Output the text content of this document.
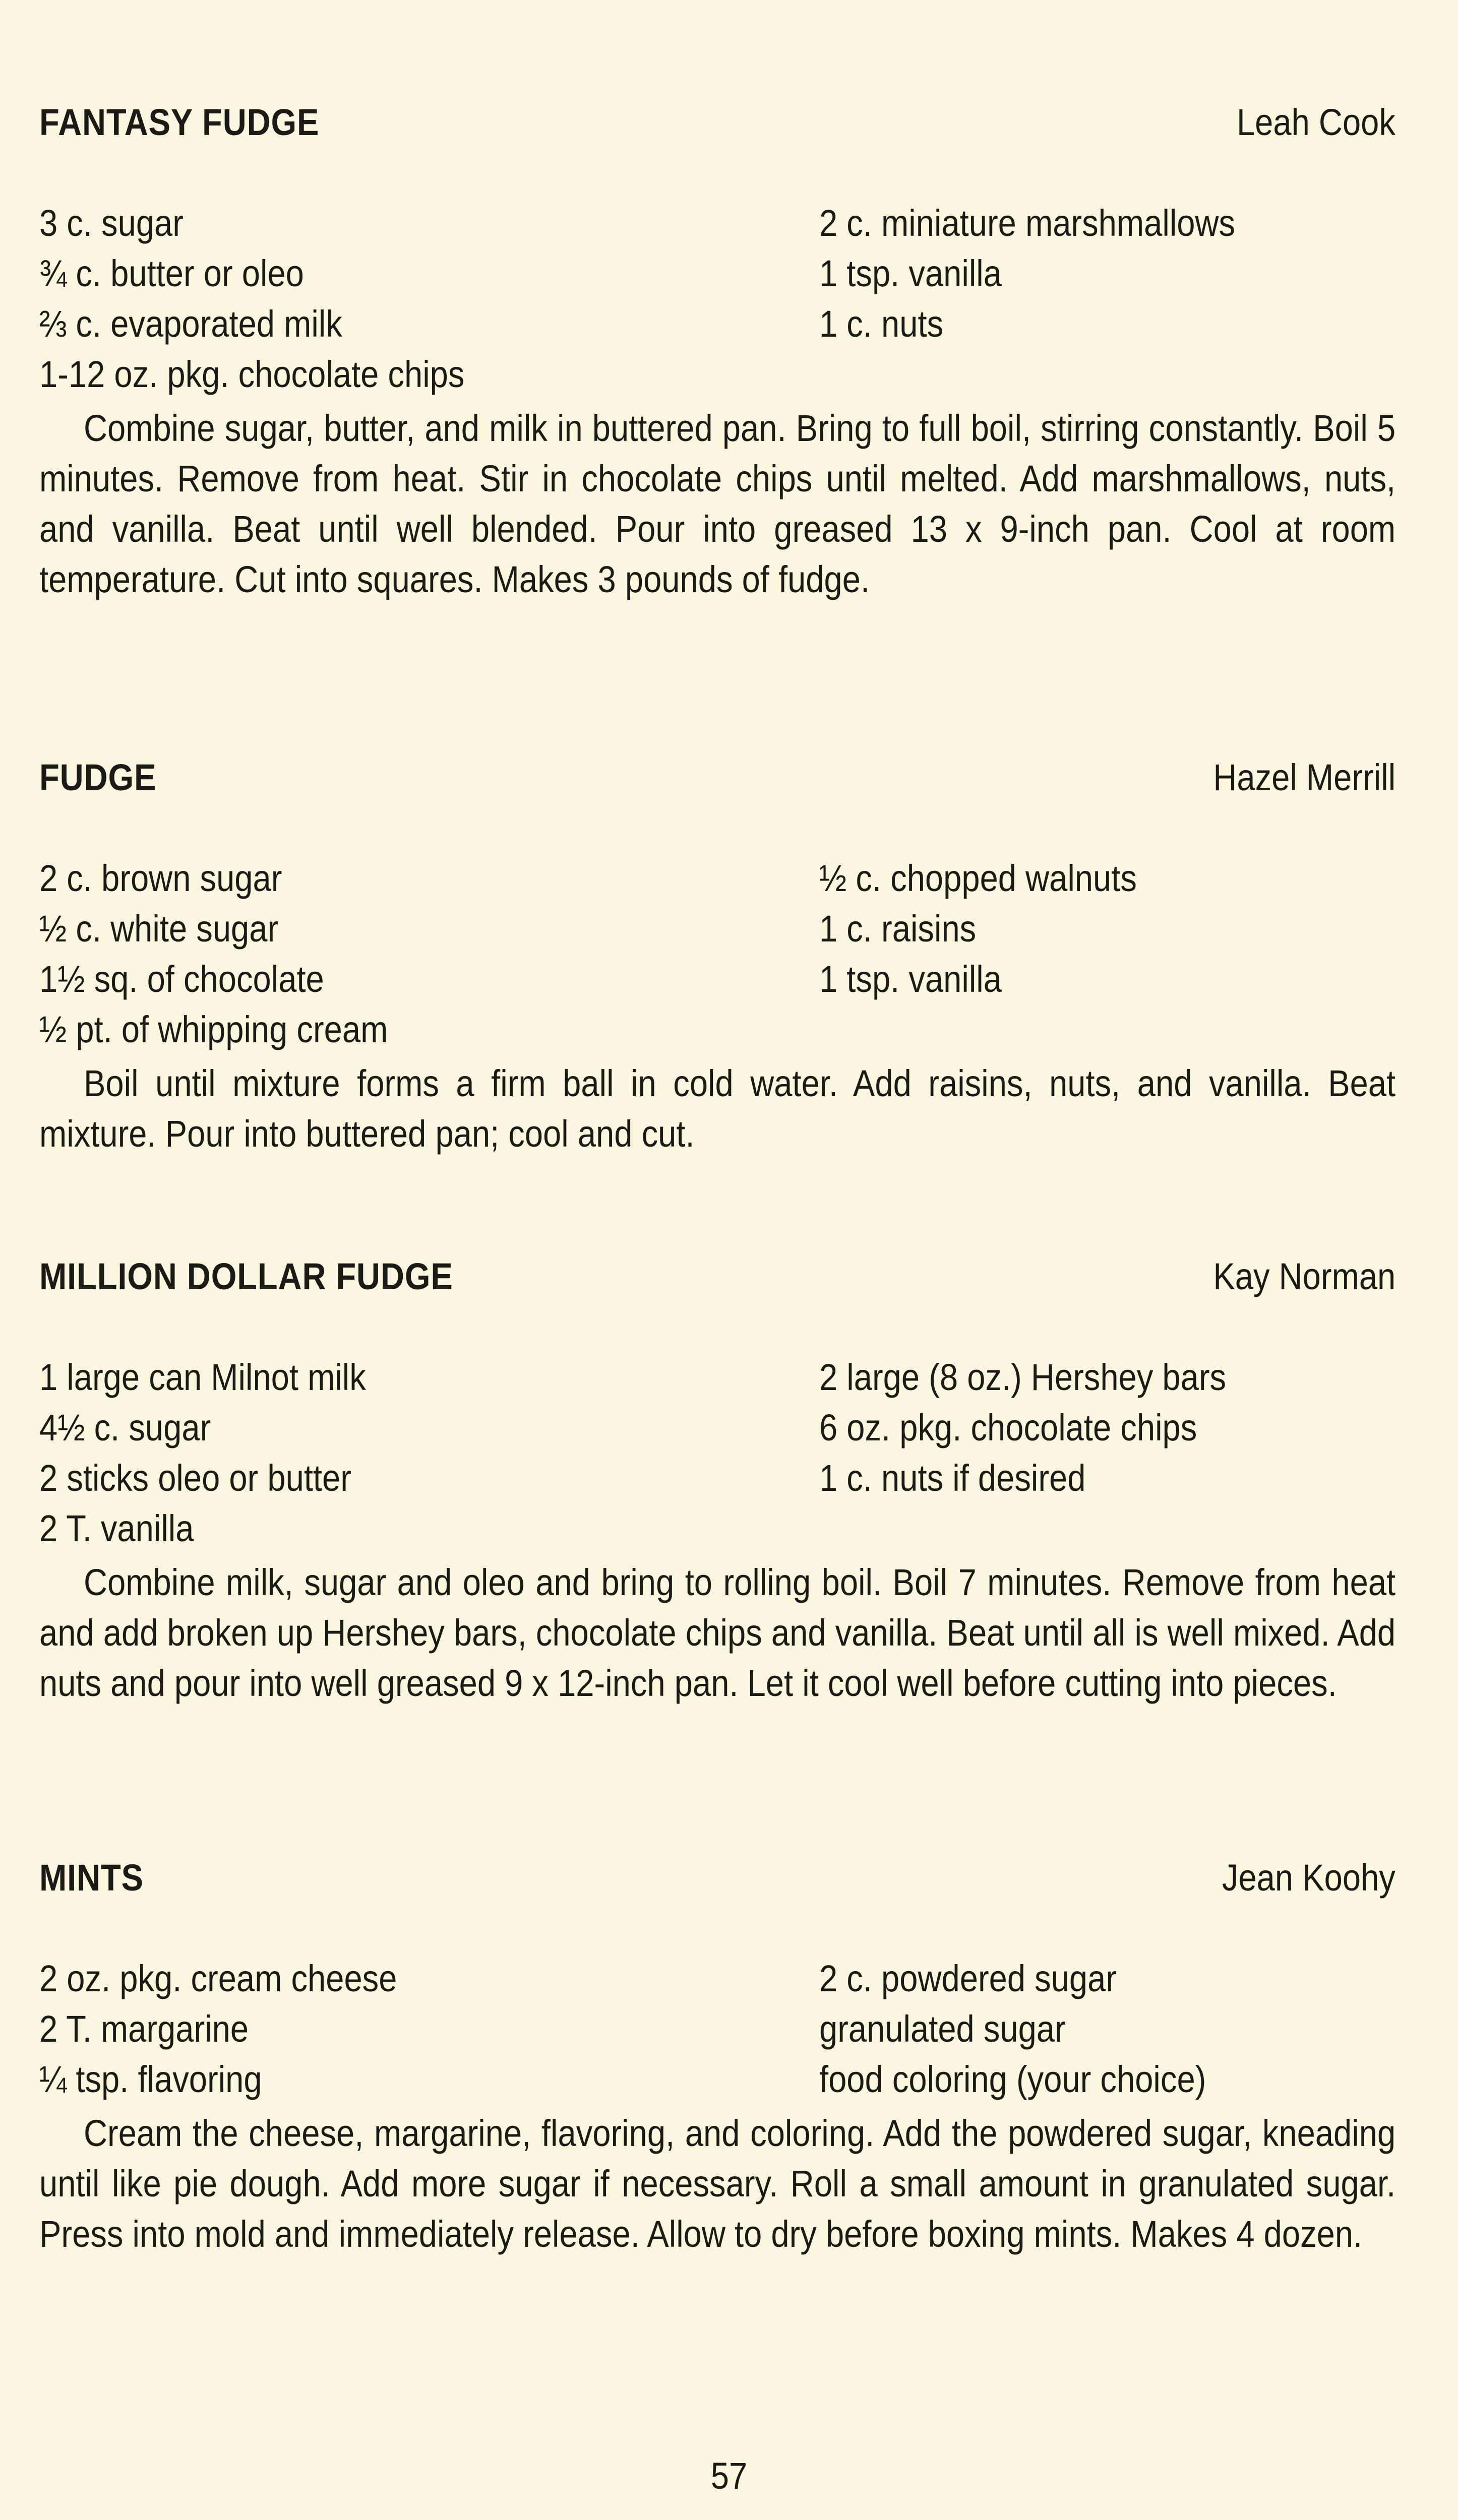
FANTASY FUDGE	Leah Cook
3 c. sugar	2 c. miniature marshmallows
¾ c. butter or oleo	1 tsp. vanilla
⅔ c. evaporated milk	1 c. nuts
1-12 oz. pkg. chocolate chips
Combine sugar, butter, and milk in buttered pan. Bring to full boil, stirring constantly. Boil 5 minutes. Remove from heat. Stir in chocolate chips until melted. Add marshmallows, nuts, and vanilla. Beat until well blended. Pour into greased 13 x 9-inch pan. Cool at room temperature. Cut into squares. Makes 3 pounds of fudge.
FUDGE	Hazel Merrill
2 c. brown sugar	½ c. chopped walnuts
½ c. white sugar	1 c. raisins
1½ sq. of chocolate	1 tsp. vanilla
½ pt. of whipping cream
Boil until mixture forms a firm ball in cold water. Add raisins, nuts, and vanilla. Beat mixture. Pour into buttered pan; cool and cut.
MILLION DOLLAR FUDGE	Kay Norman
1 large can Milnot milk	2 large (8 oz.) Hershey bars
4½ c. sugar	6 oz. pkg. chocolate chips
2 sticks oleo or butter	1 c. nuts if desired
2 T. vanilla
Combine milk, sugar and oleo and bring to rolling boil. Boil 7 minutes. Remove from heat and add broken up Hershey bars, chocolate chips and vanilla. Beat until all is well mixed. Add nuts and pour into well greased 9 x 12-inch pan. Let it cool well before cutting into pieces.
MINTS	Jean Koohy
2 oz. pkg. cream cheese	2 c. powdered sugar
2 T. margarine	granulated sugar
¼ tsp. flavoring	food coloring (your choice)
Cream the cheese, margarine, flavoring, and coloring. Add the powdered sugar, kneading until like pie dough. Add more sugar if necessary. Roll a small amount in granulated sugar. Press into mold and immediately release. Allow to dry before boxing mints. Makes 4 dozen.
57
